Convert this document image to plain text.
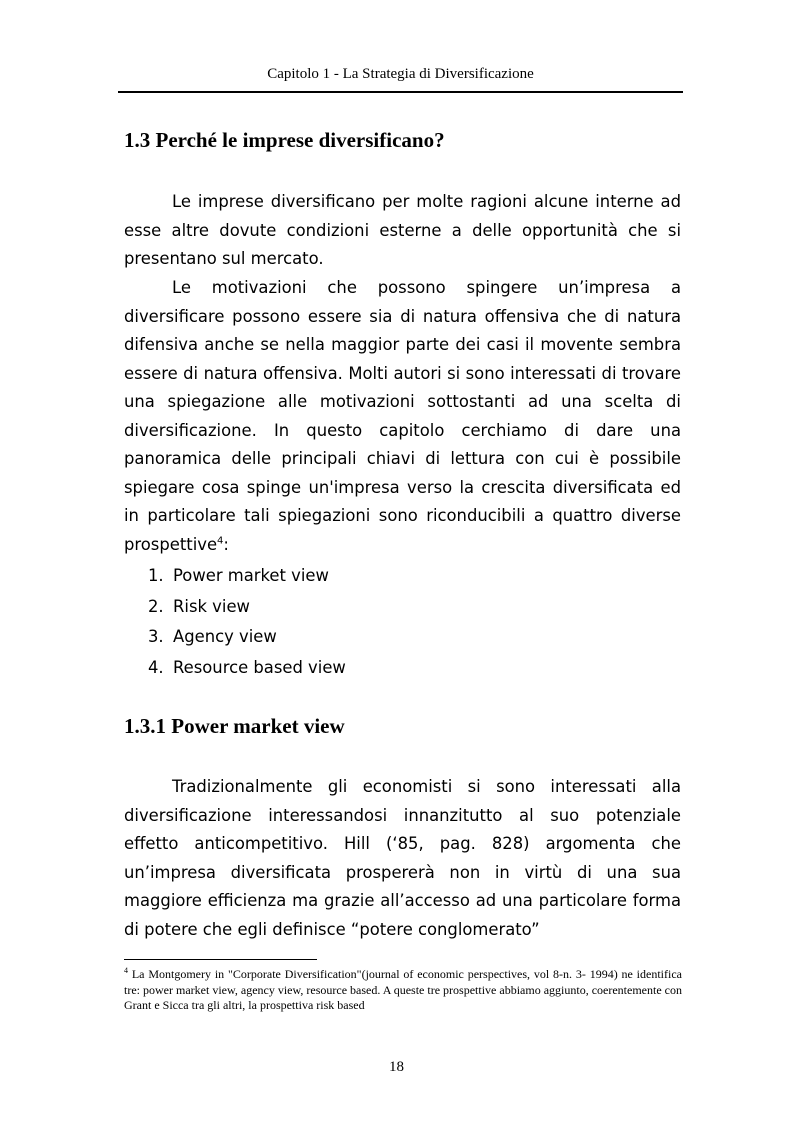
Capitolo 1 - La Strategia di Diversificazione
1.3 Perché le imprese diversificano?

Le imprese diversificano per molte ragioni alcune interne ad esse altre dovute condizioni esterne a delle opportunità che si presentano sul mercato.

Le motivazioni che possono spingere un’impresa a diversificare possono essere sia di natura offensiva che di natura difensiva anche se nella maggior parte dei casi il movente sembra essere di natura offensiva. Molti autori si sono interessati di trovare una spiegazione alle motivazioni sottostanti ad una scelta di diversificazione. In questo capitolo cerchiamo di dare una panoramica delle principali chiavi di lettura con cui è possibile spiegare cosa spinge un'impresa verso la crescita diversificata ed in particolare tali spiegazioni sono riconducibili a quattro diverse prospettive$^4$:

1. Power market view
2. Risk view
3. Agency view
4. Resource based view
1.3.1 Power market view

Tradizionalmente gli economisti si sono interessati alla diversificazione interessandosi innanzitutto al suo potenziale effetto anticompetitivo. Hill (‘85, pag. 828) argomenta che un’impresa diversificata prospererà non in virtù di una sua maggiore efficienza ma grazie all’accesso ad una particolare forma di potere che egli definisce “potere conglomerato”

$^4$ La Montgomery in "Corporate Diversification"(journal of economic perspectives, vol 8-n. 3- 1994) ne identifica tre: power market view, agency view, resource based. A queste tre prospettive abbiamo aggiunto, coerentemente con Grant e Sicca tra gli altri, la prospettiva risk based

18
